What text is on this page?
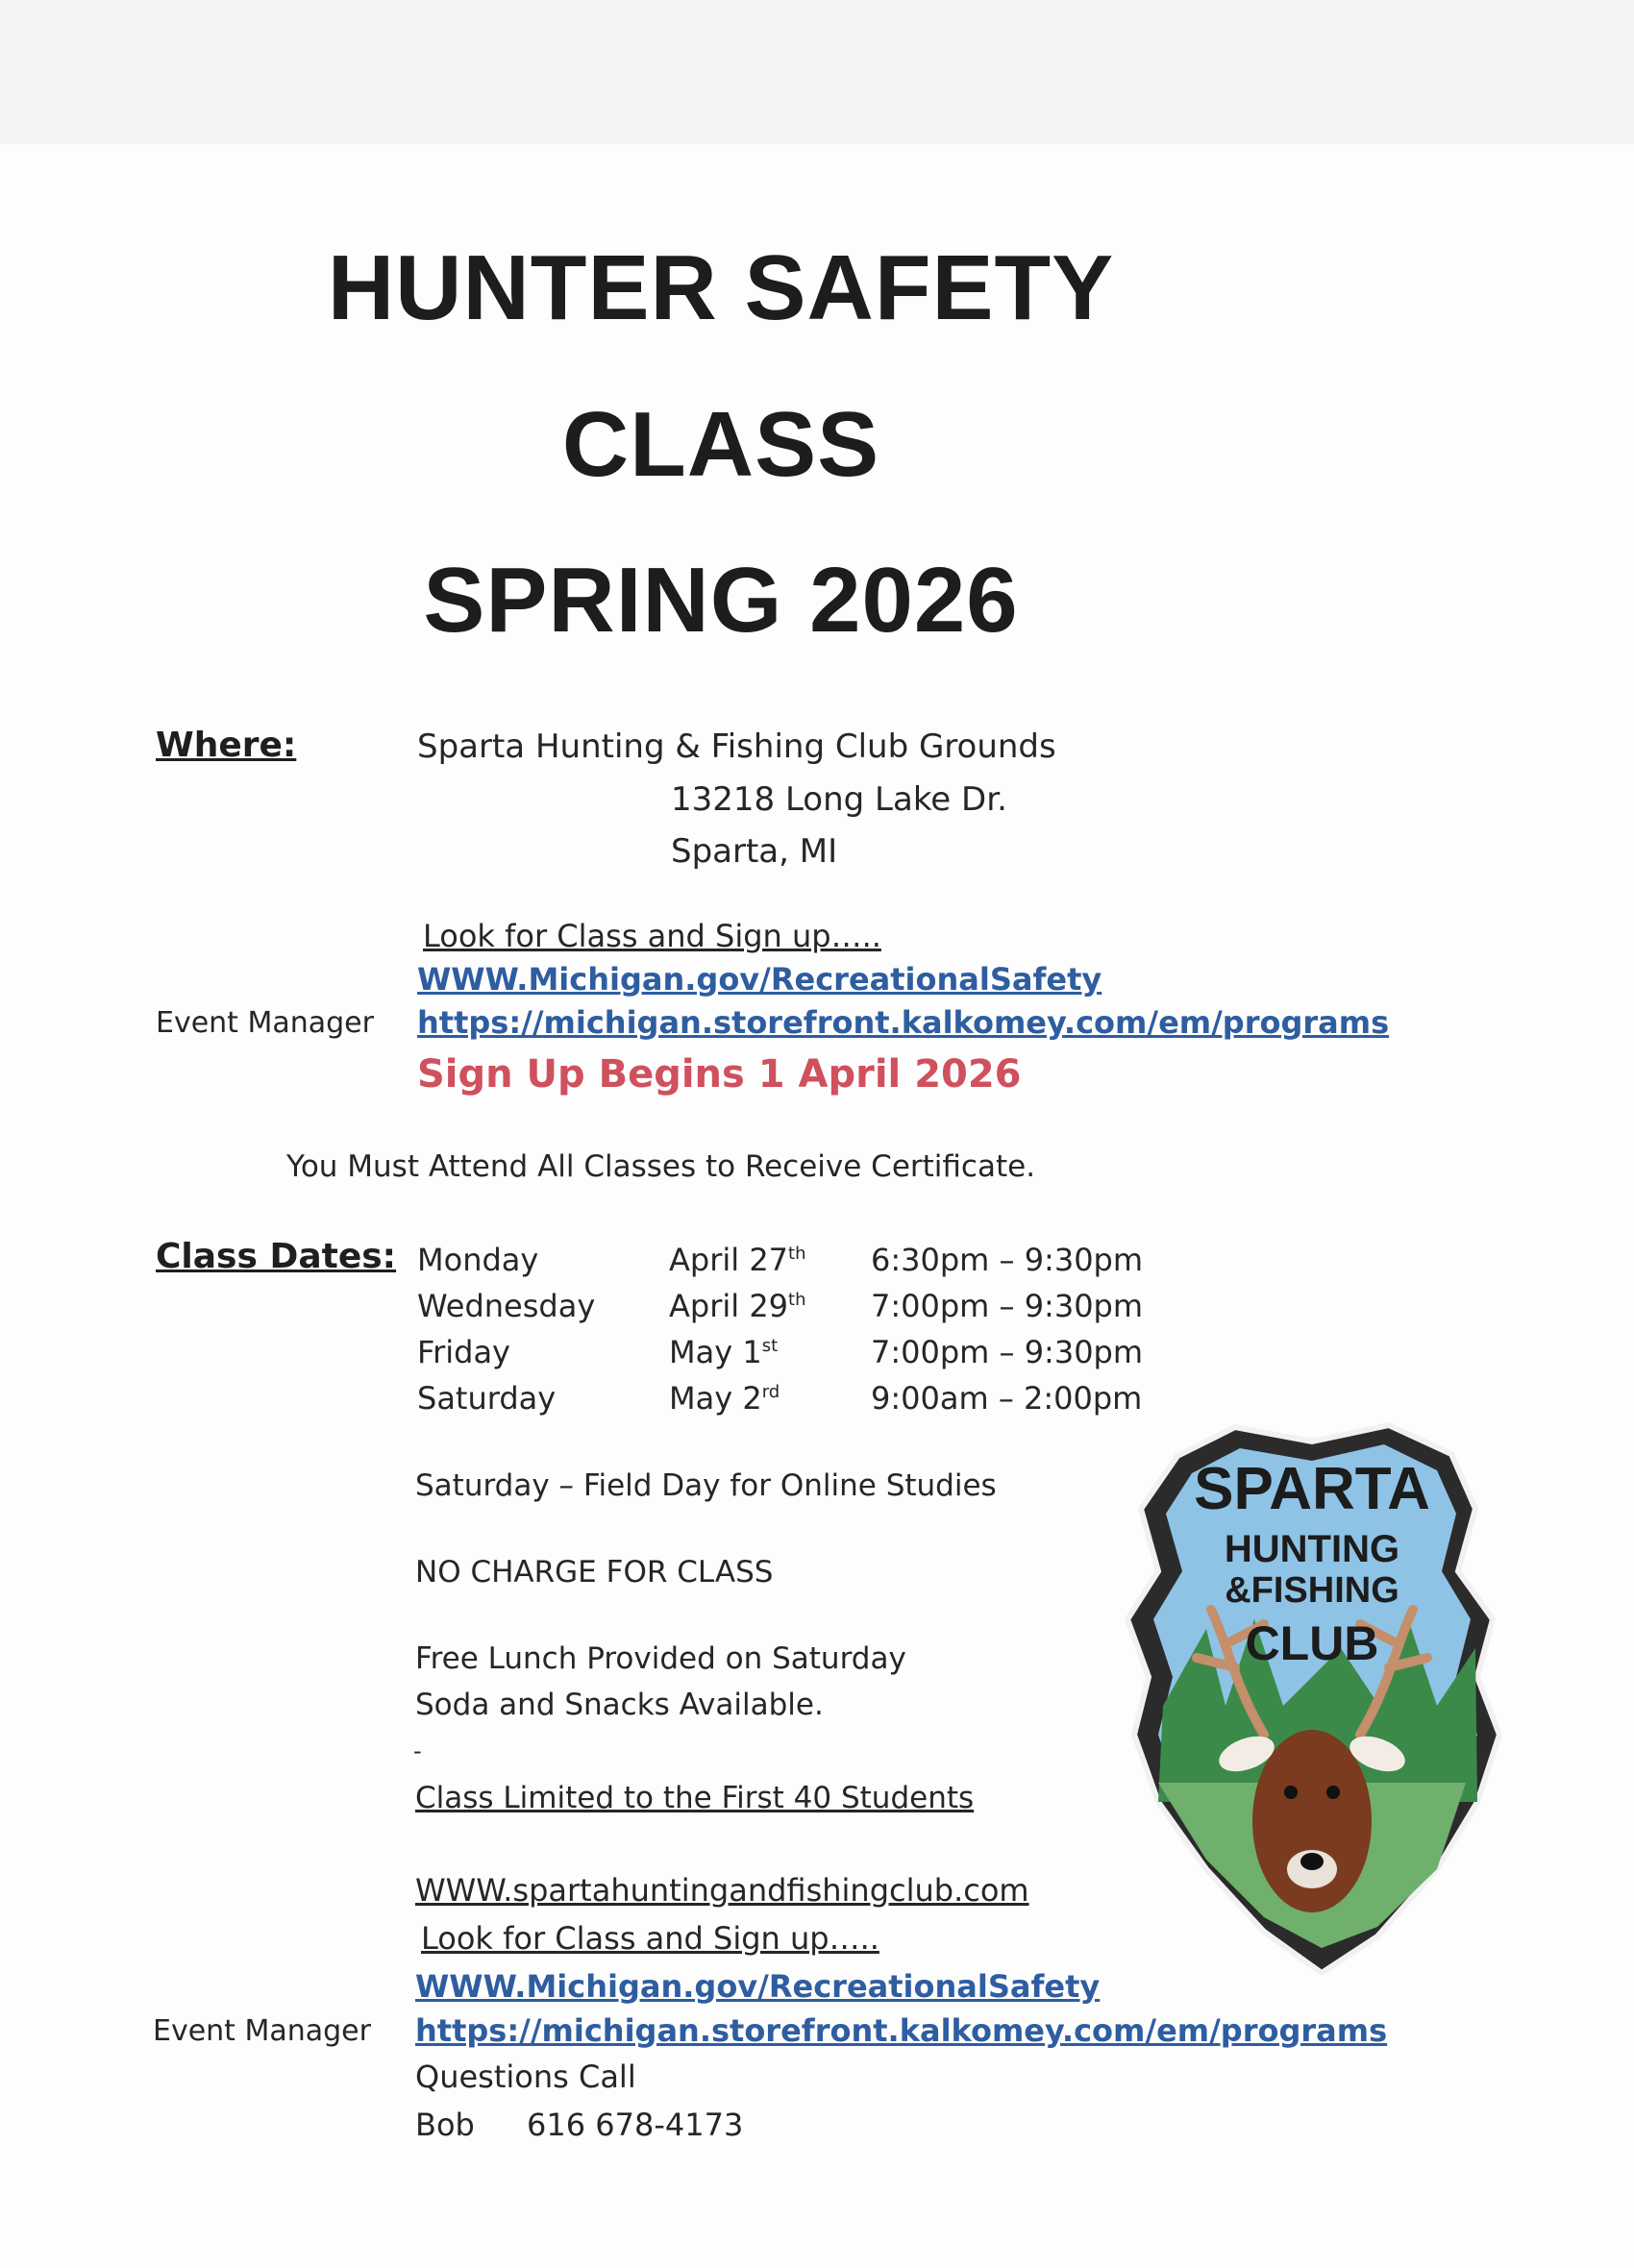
HUNTER SAFETY
CLASS
SPRING 2026
Where:	Sparta Hunting & Fishing Club Grounds
13218 Long Lake Dr.
Sparta, MI
Look for Class and Sign up…..
WWW.Michigan.gov/RecreationalSafety
Event Manager https://michigan.storefront.kalkomey.com/em/programs
Sign Up Begins 1 April 2026
You Must Attend All Classes to Receive Certificate.
Class Dates: Monday	April 27th 6:30pm – 9:30pm
Wednesday April 29th 7:00pm – 9:30pm
Friday	May 1st	7:00pm – 9:30pm
Saturday	May 2rd	9:00am – 2:00pm
Saturday – Field Day for Online Studies
NO CHARGE FOR CLASS
Free Lunch Provided on Saturday
Soda and Snacks Available.
-
Class Limited to the First 40 Students
WWW.spartahuntingandfishingclub.com
Look for Class and Sign up…..
WWW.Michigan.gov/RecreationalSafety
Event Manager https://michigan.storefront.kalkomey.com/em/programs
Questions Call
Bob 616 678-4173
SPARTA
HUNTING
&FISHING
CLUB
